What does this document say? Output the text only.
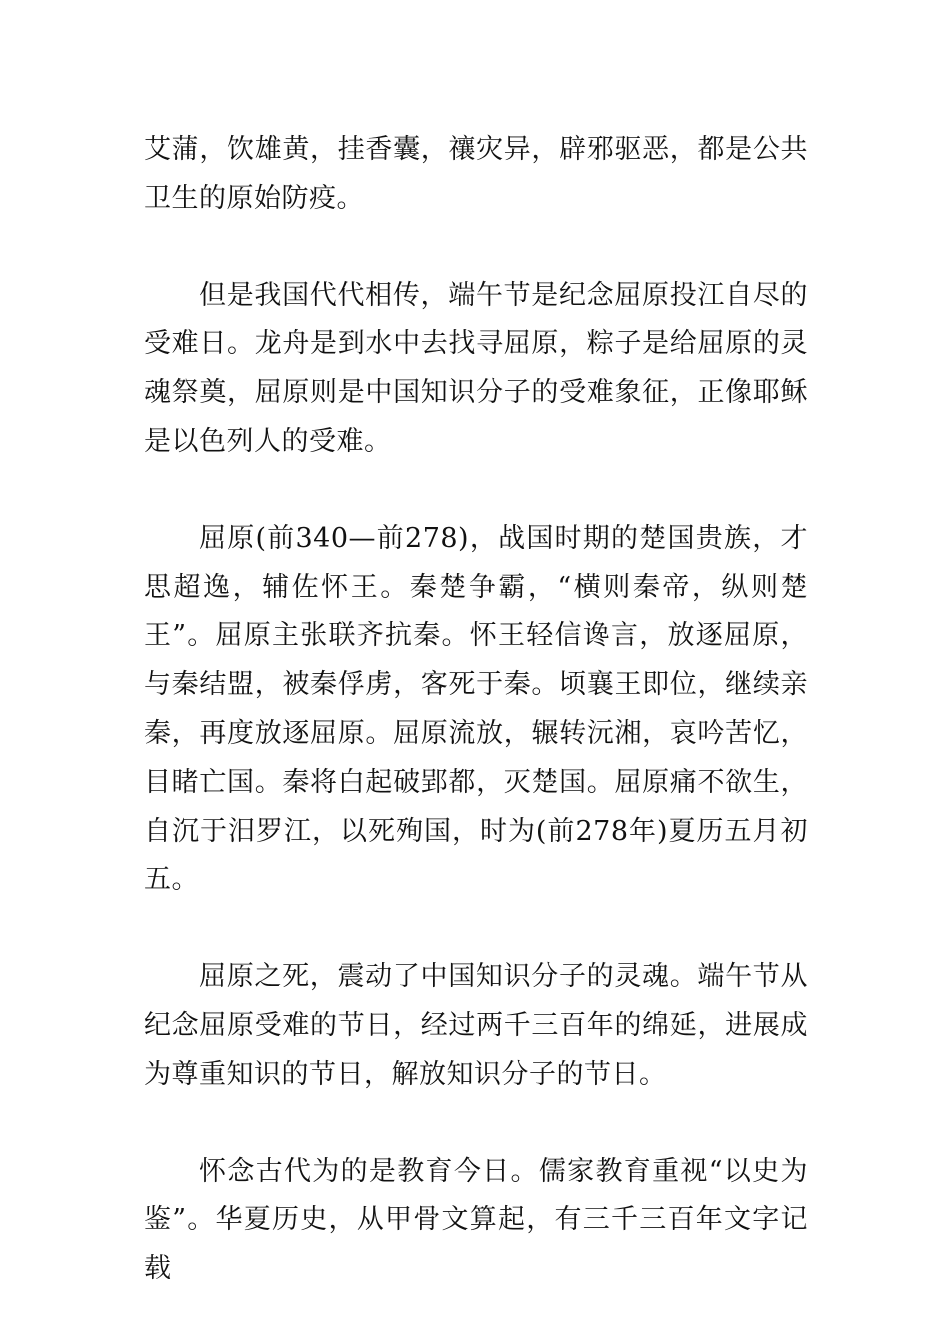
艾蒲，饮雄黄，挂香囊，禳灾异，辟邪驱恶，都是公共卫生的原始防疫。

但是我国代代相传，端午节是纪念屈原投江自尽的受难日。龙舟是到水中去找寻屈原，粽子是给屈原的灵魂祭奠，屈原则是中国知识分子的受难象征，正像耶稣是以色列人的受难。

屈原(前340—前278)，战国时期的楚国贵族，才思超逸，辅佐怀王。秦楚争霸，“横则秦帝，纵则楚王”。屈原主张联齐抗秦。怀王轻信谗言，放逐屈原，与秦结盟，被秦俘虏，客死于秦。顷襄王即位，继续亲秦，再度放逐屈原。屈原流放，辗转沅湘，哀吟苦忆，目睹亡国。秦将白起破郢都，灭楚国。屈原痛不欲生，自沉于汨罗江，以死殉国，时为(前278年)夏历五月初五。

屈原之死，震动了中国知识分子的灵魂。端午节从纪念屈原受难的节日，经过两千三百年的绵延，进展成为尊重知识的节日，解放知识分子的节日。

怀念古代为的是教育今日。儒家教育重视“以史为鉴”。华夏历史，从甲骨文算起，有三千三百年文字记载
